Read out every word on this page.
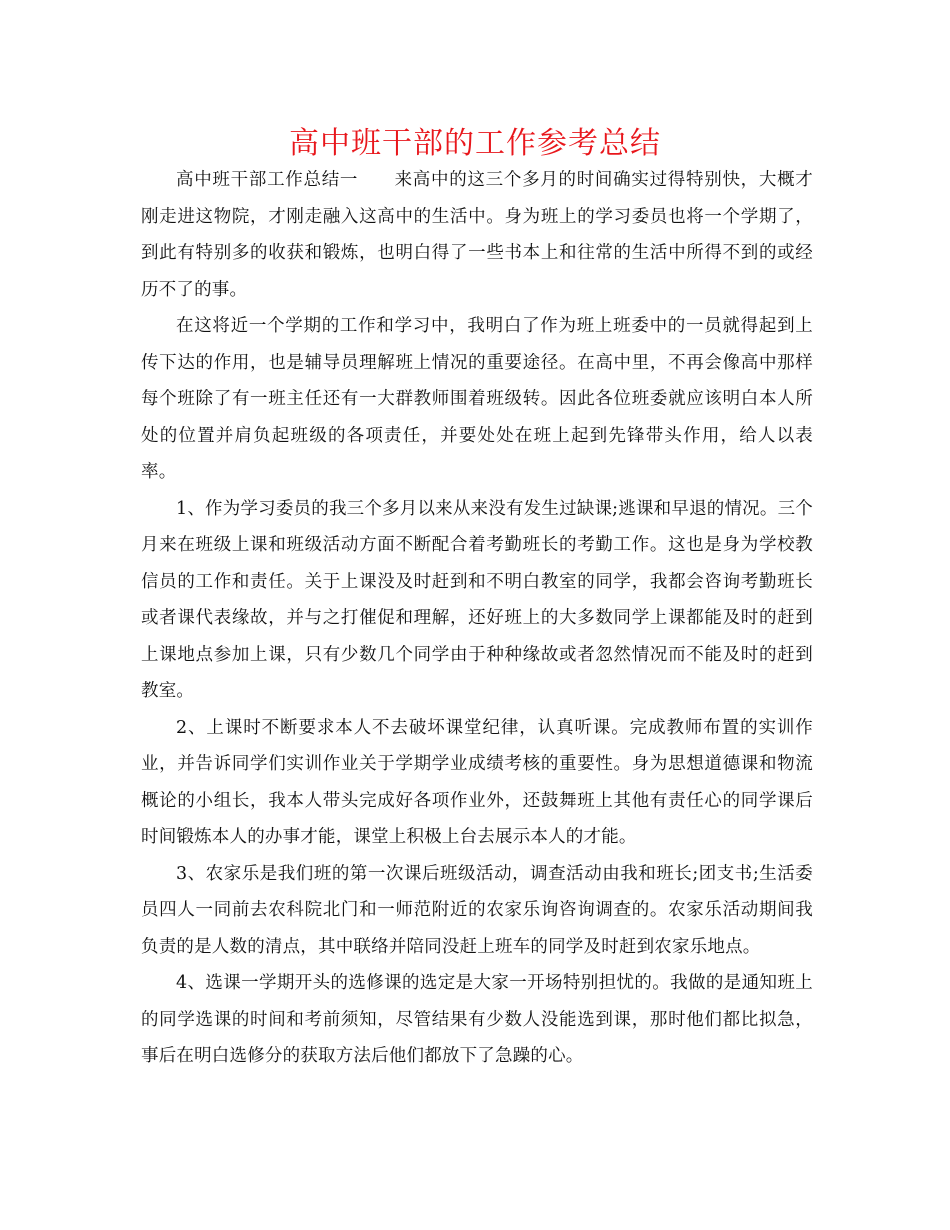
高中班干部的工作参考总结

高中班干部工作总结一　　来高中的这三个多月的时间确实过得特别快，大概才刚走进这物院，才刚走融入这高中的生活中。身为班上的学习委员也将一个学期了，到此有特别多的收获和锻炼，也明白得了一些书本上和往常的生活中所得不到的或经历不了的事。

在这将近一个学期的工作和学习中，我明白了作为班上班委中的一员就得起到上传下达的作用，也是辅导员理解班上情况的重要途径。在高中里，不再会像高中那样每个班除了有一班主任还有一大群教师围着班级转。因此各位班委就应该明白本人所处的位置并肩负起班级的各项责任，并要处处在班上起到先锋带头作用，给人以表率。

1、作为学习委员的我三个多月以来从来没有发生过缺课;逃课和早退的情况。三个月来在班级上课和班级活动方面不断配合着考勤班长的考勤工作。这也是身为学校教信员的工作和责任。关于上课没及时赶到和不明白教室的同学，我都会咨询考勤班长或者课代表缘故，并与之打催促和理解，还好班上的大多数同学上课都能及时的赶到上课地点参加上课，只有少数几个同学由于种种缘故或者忽然情况而不能及时的赶到教室。

2、上课时不断要求本人不去破坏课堂纪律，认真听课。完成教师布置的实训作业，并告诉同学们实训作业关于学期学业成绩考核的重要性。身为思想道德课和物流概论的小组长，我本人带头完成好各项作业外，还鼓舞班上其他有责任心的同学课后时间锻炼本人的办事才能，课堂上积极上台去展示本人的才能。

3、农家乐是我们班的第一次课后班级活动，调查活动由我和班长;团支书;生活委员四人一同前去农科院北门和一师范附近的农家乐询咨询调查的。农家乐活动期间我负责的是人数的清点，其中联络并陪同没赶上班车的同学及时赶到农家乐地点。

4、选课一学期开头的选修课的选定是大家一开场特别担忧的。我做的是通知班上的同学选课的时间和考前须知，尽管结果有少数人没能选到课，那时他们都比拟急，事后在明白选修分的获取方法后他们都放下了急躁的心。
